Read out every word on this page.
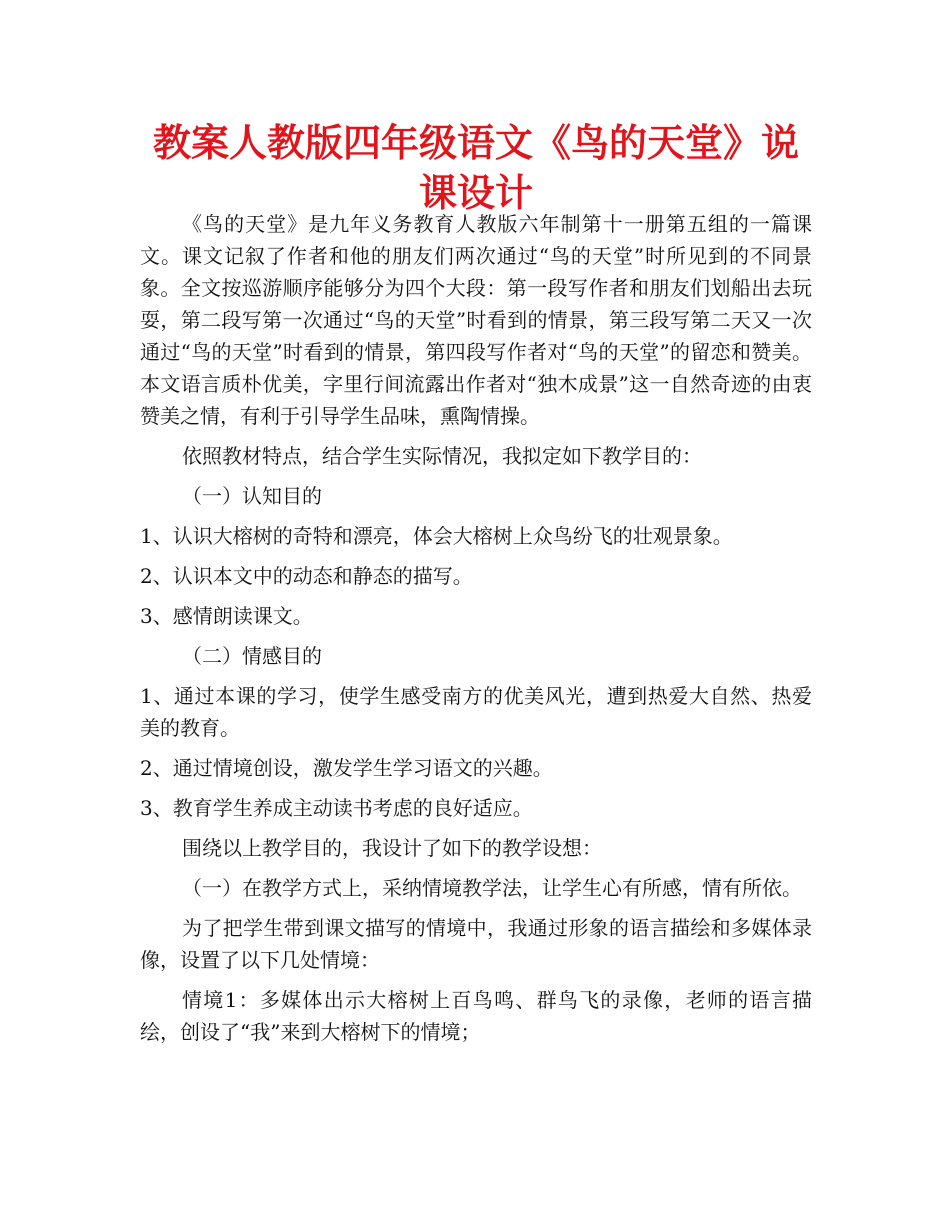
教案人教版四年级语文《鸟的天堂》说课设计

《鸟的天堂》是九年义务教育人教版六年制第十一册第五组的一篇课文。课文记叙了作者和他的朋友们两次通过“鸟的天堂”时所见到的不同景象。全文按巡游顺序能够分为四个大段：第一段写作者和朋友们划船出去玩耍，第二段写第一次通过“鸟的天堂”时看到的情景，第三段写第二天又一次通过“鸟的天堂”时看到的情景，第四段写作者对“鸟的天堂”的留恋和赞美。本文语言质朴优美，字里行间流露出作者对“独木成景”这一自然奇迹的由衷赞美之情，有利于引导学生品味，熏陶情操。

依照教材特点，结合学生实际情况，我拟定如下教学目的：

（一）认知目的

1、认识大榕树的奇特和漂亮，体会大榕树上众鸟纷飞的壮观景象。

2、认识本文中的动态和静态的描写。

3、感情朗读课文。

（二）情感目的

1、通过本课的学习，使学生感受南方的优美风光，遭到热爱大自然、热爱美的教育。

2、通过情境创设，激发学生学习语文的兴趣。

3、教育学生养成主动读书考虑的良好适应。

围绕以上教学目的，我设计了如下的教学设想：

（一）在教学方式上，采纳情境教学法，让学生心有所感，情有所依。

为了把学生带到课文描写的情境中，我通过形象的语言描绘和多媒体录像，设置了以下几处情境：

情境1：多媒体出示大榕树上百鸟鸣、群鸟飞的录像，老师的语言描绘，创设了“我”来到大榕树下的情境；
